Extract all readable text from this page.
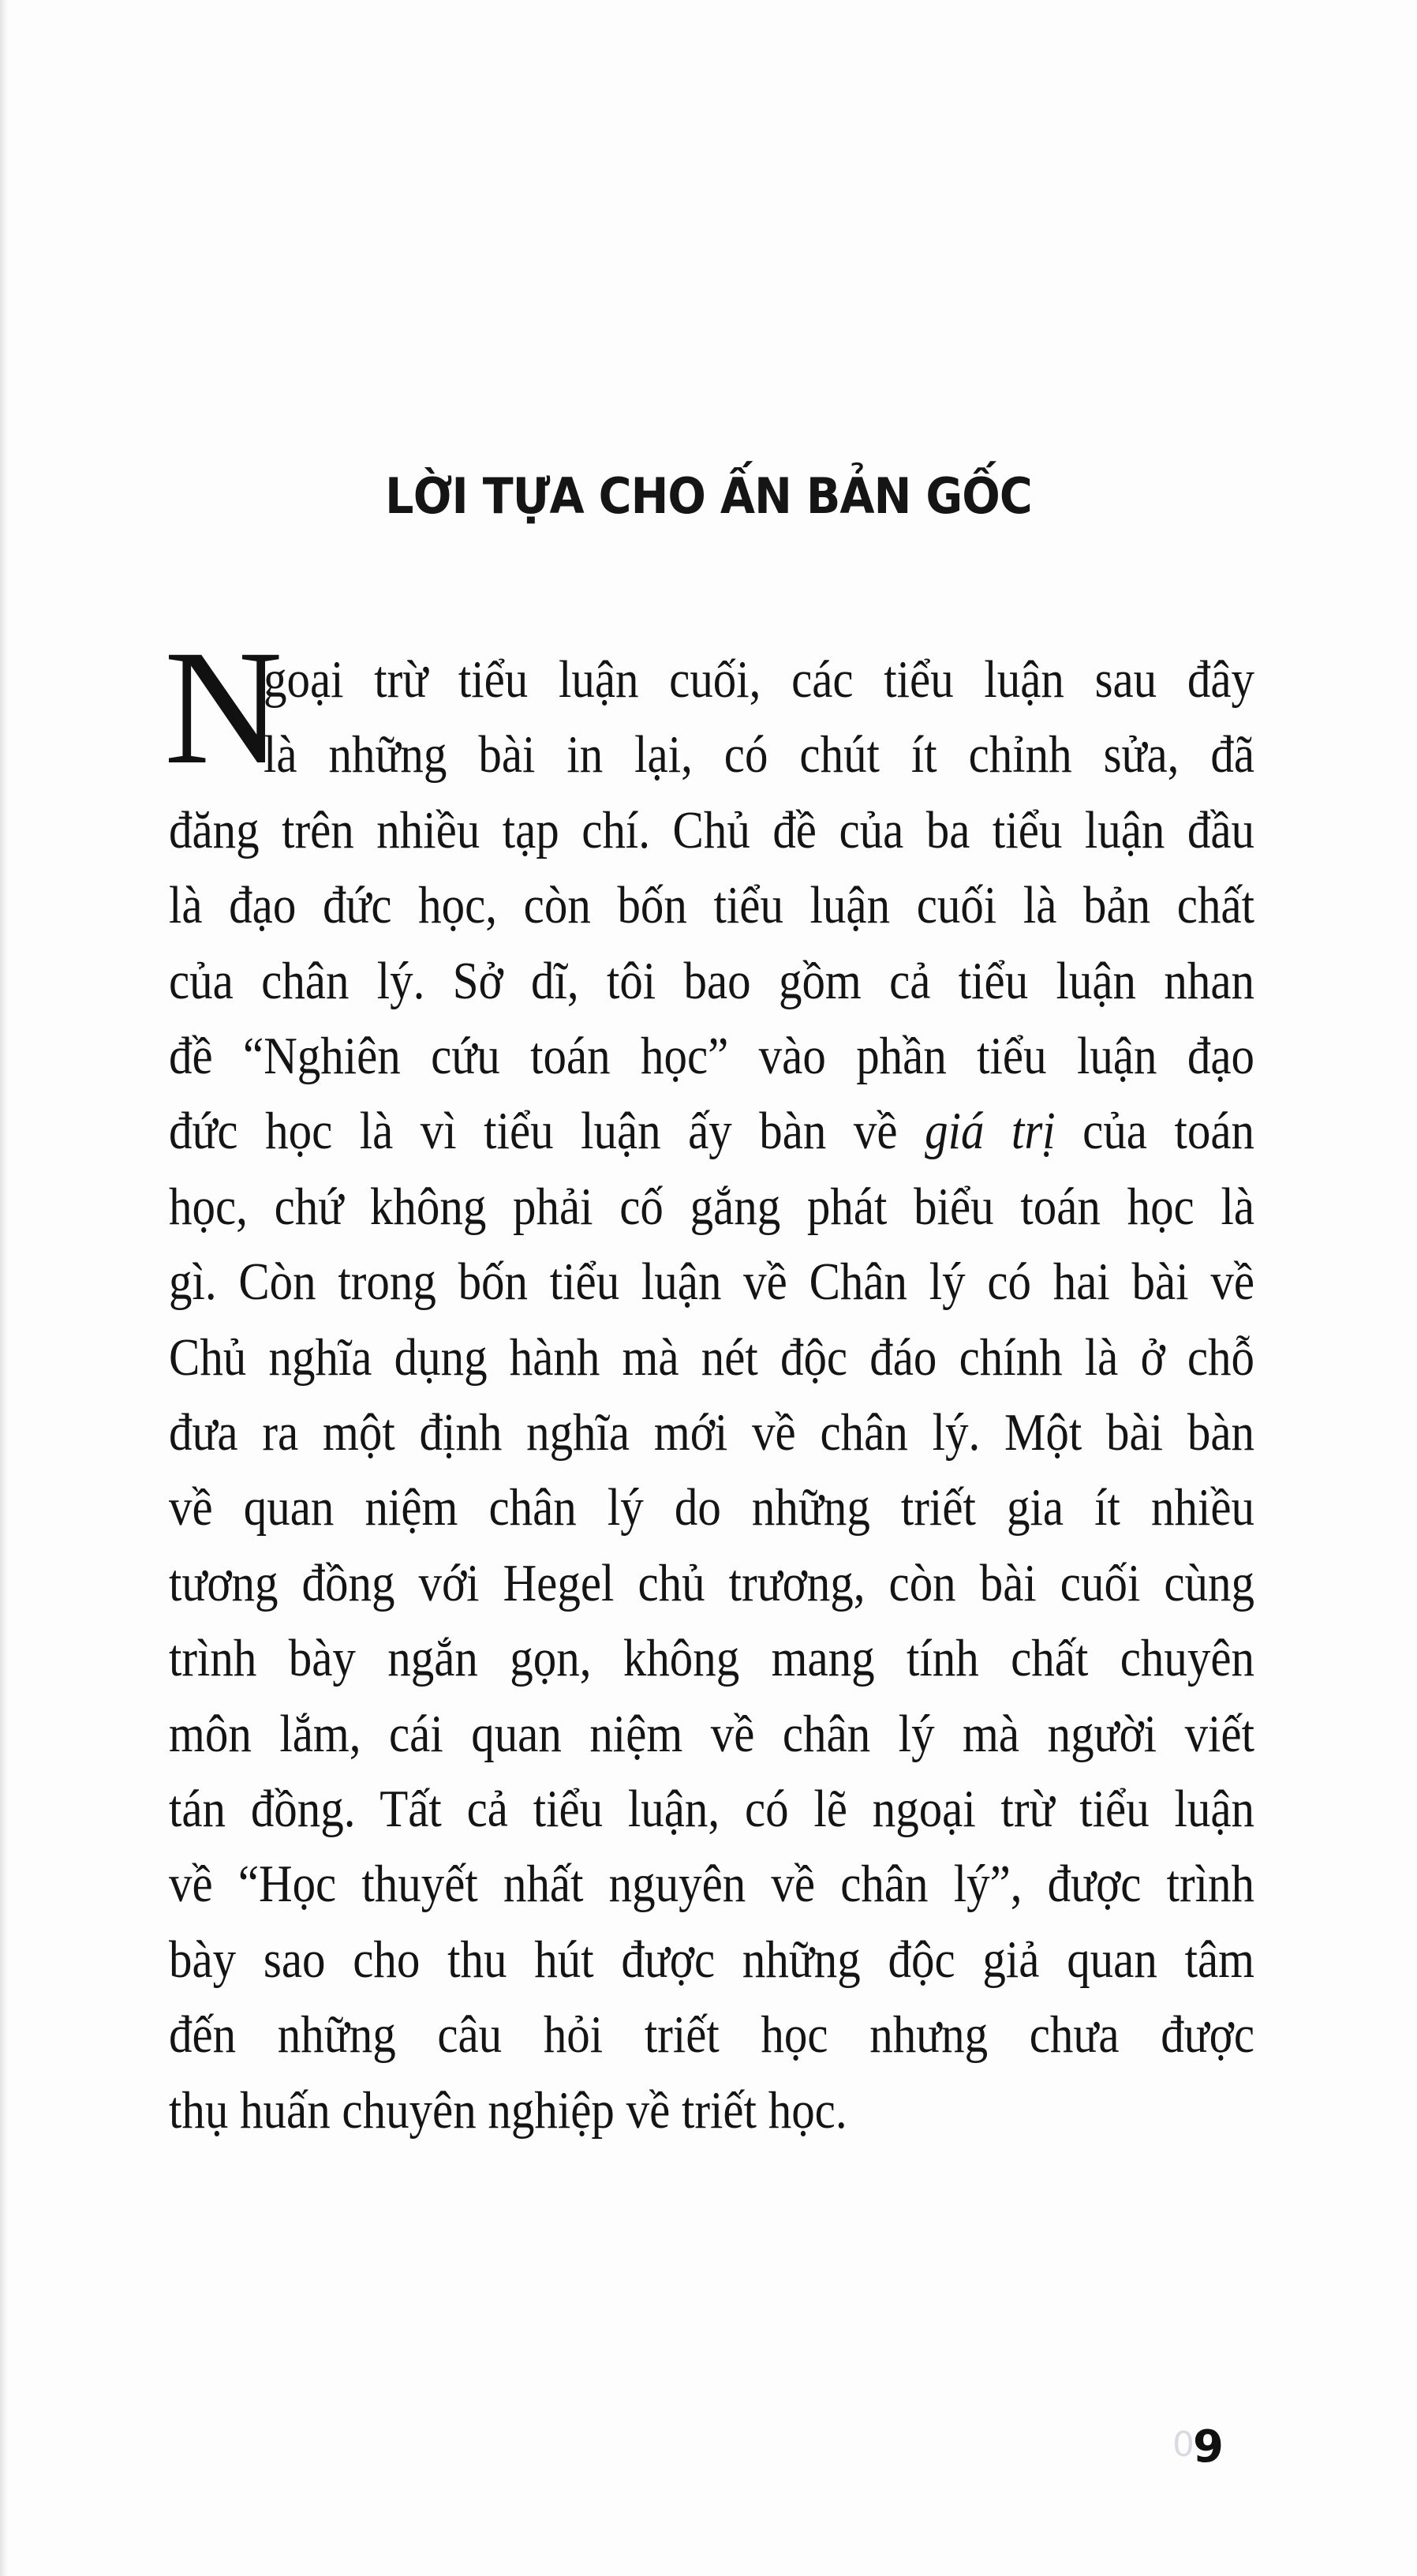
LỜI TỰA CHO ẤN BẢN GỐC
N
goại trừ tiểu luận cuối, các tiểu luận sau đây
là những bài in lại, có chút ít chỉnh sửa, đã
đăng trên nhiều tạp chí. Chủ đề của ba tiểu luận đầu
là đạo đức học, còn bốn tiểu luận cuối là bản chất
của chân lý. Sở dĩ, tôi bao gồm cả tiểu luận nhan
đề “Nghiên cứu toán học” vào phần tiểu luận đạo
đức học là vì tiểu luận ấy bàn về giá trị của toán
học, chứ không phải cố gắng phát biểu toán học là
gì. Còn trong bốn tiểu luận về Chân lý có hai bài về
Chủ nghĩa dụng hành mà nét độc đáo chính là ở chỗ
đưa ra một định nghĩa mới về chân lý. Một bài bàn
về quan niệm chân lý do những triết gia ít nhiều
tương đồng với Hegel chủ trương, còn bài cuối cùng
trình bày ngắn gọn, không mang tính chất chuyên
môn lắm, cái quan niệm về chân lý mà người viết
tán đồng. Tất cả tiểu luận, có lẽ ngoại trừ tiểu luận
về “Học thuyết nhất nguyên về chân lý”, được trình
bày sao cho thu hút được những độc giả quan tâm
đến những câu hỏi triết học nhưng chưa được
thụ huấn chuyên nghiệp về triết học.
0
9
